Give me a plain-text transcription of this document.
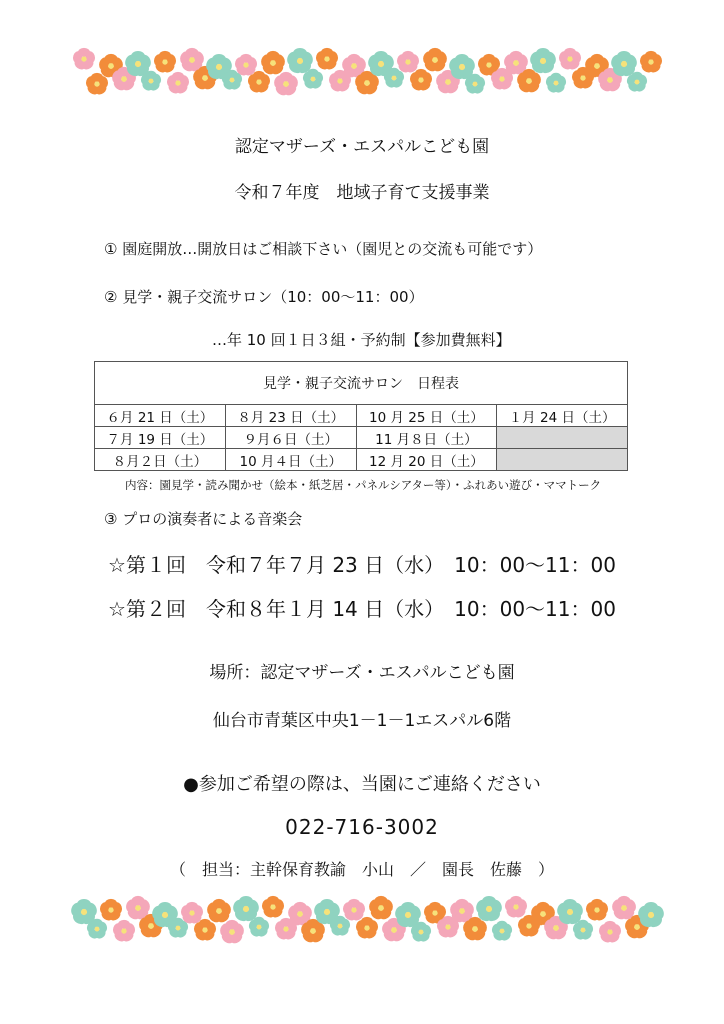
認定マザーズ・エスパルこども園
令和７年度　地域子育て支援事業
① 園庭開放…開放日はご相談下さい（園児との交流も可能です）
② 見学・親子交流サロン（10：00～11：00）
…年 10 回１日３組・予約制【参加費無料】
見学・親子交流サロン　日程表			
６月 21 日（土）	８月 23 日（土）	10 月 25 日（土）	１月 24 日（土）
７月 19 日（土）	９月６日（土）	11 月８日（土）	
８月２日（土）	10 月４日（土）	12 月 20 日（土）	
内容：園見学・読み聞かせ（絵本・紙芝居・パネルシアター等）・ふれあい遊び・ママトーク
③ プロの演奏者による音楽会
☆第１回　令和７年７月 23 日（水）　10：00～11：00
☆第２回　令和８年１月 14 日（水）　10：00～11：00
場所：認定マザーズ・エスパルこども園
仙台市青葉区中央1－1－1エスパル6階
●参加ご希望の際は、当園にご連絡ください
022-716-3002
（　担当：主幹保育教諭　小山　／　園長　佐藤　）
